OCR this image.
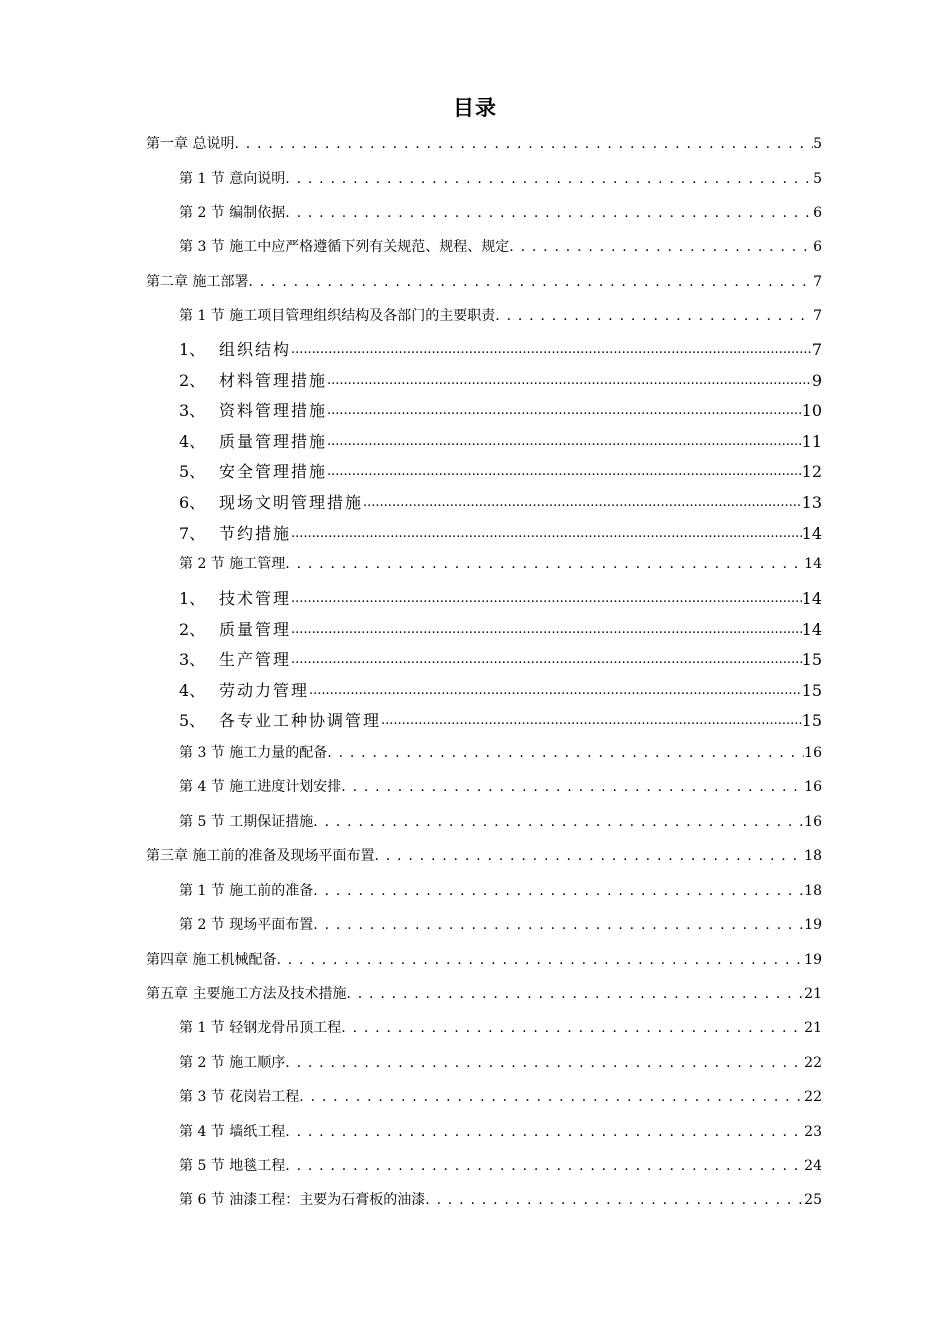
目录
第一章 总说明 . . .	5
第 1 节 意向说明 . . .	5
第 2 节 编制依据 . . .	6
第 3 节 施工中应严格遵循下列有关规范、规程、规定 . . .	6
第二章 施工部署 . . .	7
第 1 节 施工项目管理组织结构及各部门的主要职责 . . .	7
1、 组织结构 .....	7
2、 材料管理措施 .....	9
3、 资料管理措施 .....	10
4、 质量管理措施 .....	11
5、 安全管理措施 .....	12
6、 现场文明管理措施 .....	13
7、 节约措施 .....	14
第 2 节 施工管理 . . .	14
1、 技术管理 .....	14
2、 质量管理 .....	14
3、 生产管理 .....	15
4、 劳动力管理 .....	15
5、 各专业工种协调管理 .....	15
第 3 节 施工力量的配备 . . .	16
第 4 节 施工进度计划安排 . . .	16
第 5 节 工期保证措施 . . .	16
第三章 施工前的准备及现场平面布置 . . .	18
第 1 节 施工前的准备 . . .	18
第 2 节 现场平面布置 . . .	19
第四章 施工机械配备 . . .	19
第五章 主要施工方法及技术措施 . . .	21
第 1 节 轻钢龙骨吊顶工程 . . .	21
第 2 节 施工顺序 . . .	22
第 3 节 花岗岩工程 . . .	22
第 4 节 墙纸工程 . . .	23
第 5 节 地毯工程 . . .	24
第 6 节 油漆工程：主要为石膏板的油漆 . . .	25
